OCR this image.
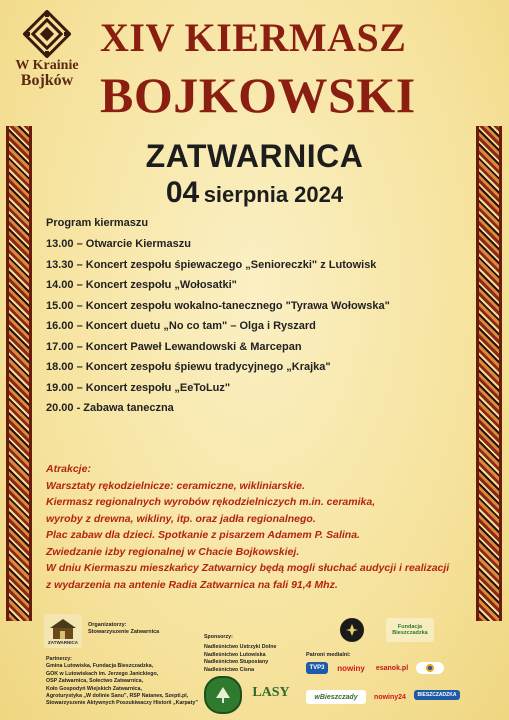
W Krainie
Bojków
XIV KIERMASZ
BOJKOWSKI
ZATWARNICA
04 sierpnia 2024
Program kiermaszu
13.00 – Otwarcie Kiermaszu
13.30 – Koncert zespołu śpiewaczego „Senioreczki" z Lutowisk
14.00 – Koncert zespołu „Wołosatki"
15.00 – Koncert zespołu wokalno-tanecznego "Tyrawa Wołowska"
16.00 – Koncert duetu „No co tam" – Olga i Ryszard
17.00 – Koncert Paweł Lewandowski & Marcepan
18.00 – Koncert zespołu śpiewu tradycyjnego „Krajka"
19.00 – Koncert zespołu „EeToLuz"
20.00 - Zabawa taneczna
Atrakcje:
Warsztaty rękodzielnicze: ceramiczne, wikliniarskie.
Kiermasz regionalnych wyrobów rękodzielniczych m.in. ceramika,
wyroby z drewna, wikliny, itp. oraz jadła regionalnego.
Plac zabaw dla dzieci. Spotkanie z pisarzem Adamem P. Salina.
Zwiedzanie izby regionalnej w Chacie Bojkowskiej.
W dniu Kiermaszu mieszkańcy Zatwarnicy będą mogli słuchać audycji i realizacji
z wydarzenia na antenie Radia Zatwarnica na fali 91,4 Mhz.
ZATWARNICA
Organizatorzy:
Stowarzyszenie Zatwarnica
Partnerzy:
Gmina Lutowiska, Fundacja Bieszczadzka,
GOK w Lutowiskach im. Jerzego Janickiego,
OSP Zatwarnica, Sołectwo Zatwarnica,
Koło Gospodyń Wiejskich Zatwarnica,
Agroturystyka „W dolinie Sanu", RSP Nataneк, Szepti.pl,
Stowarzyszenie Aktywnych Poszukiwaczy Historii „Karpaty"
Sponsorzy:
Nadleśnictwo Ustrzyki Dolne
Nadleśnictwo Lutowiska
Nadleśnictwo Stuposiany
Nadleśnictwo Cisna
Fundacja Bieszczadzka
LASY
Patroni medialni:
TVP3	nowiny	esanok.pl
wBieszczady	nowiny24	BIESZCZADZKA
